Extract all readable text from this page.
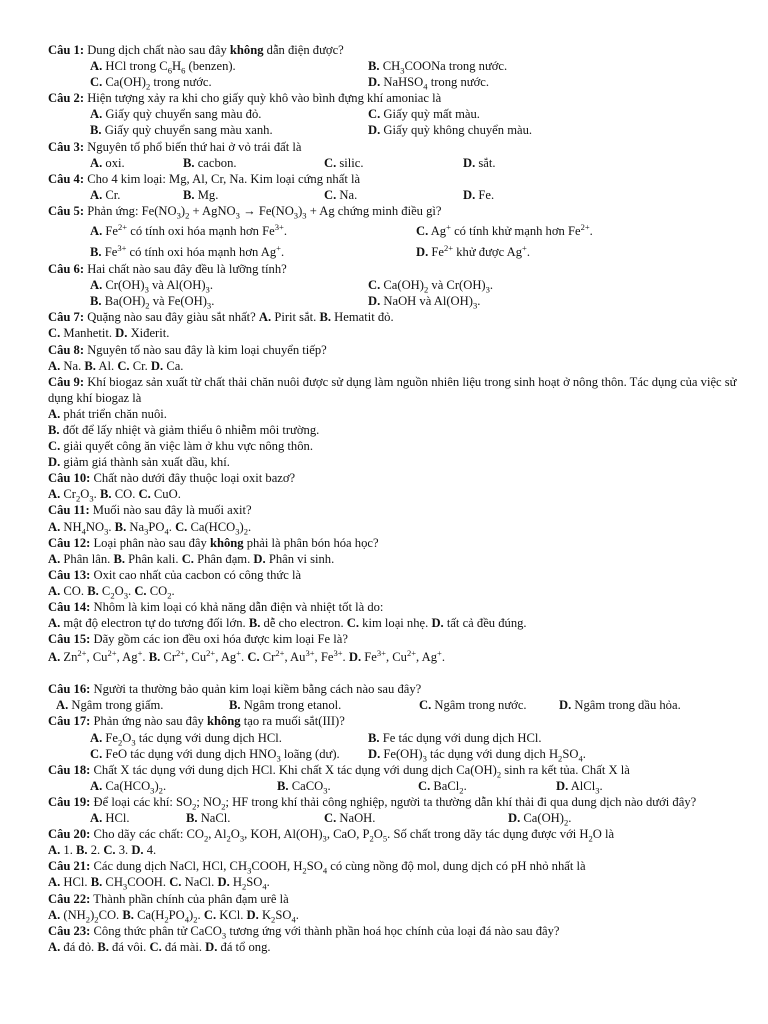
Câu 1: Dung dịch chất nào sau đây không dẫn điện được?
A. HCl trong $C_6H_6$ (benzen).	B. $CH_3COONa$ trong nước.
C. $Ca(OH)_2$ trong nước.	D. NaHSO$_4$ trong nước.
Câu 2: Hiện tượng xảy ra khi cho giấy quỳ khô vào bình đựng khí amoniac là
A. Giấy quỳ chuyển sang màu đỏ.	C. Giấy quỳ mất màu.
B. Giấy quỳ chuyển sang màu xanh.	D. Giấy quỳ không chuyển màu.
Câu 3: Nguyên tố phổ biến thứ hai ở vỏ trái đất là
A. oxi.	B. cacbon.	C. silic.	D. sắt.
Câu 4: Cho 4 kim loại: Mg, Al, Cr, Na. Kim loại cứng nhất là
A. Cr.	B. Mg.	C. Na.	D. Fe.
Câu 5: Phản ứng: $Fe(NO_3)_2$ + AgNO$_3$ → $Fe(NO_3)_3 + Ag$ chứng minh điều gì?
A. $Fe^{2+}$ có tính oxi hóa mạnh hơn $Fe^{3+}$.	C. Ag+ có tính khử mạnh hơn $Fe^{2+}$.
B. $Fe^{3+}$ có tính oxi hóa mạnh hơn Ag+.	D. $Fe^{2+}$ khử được Ag+.
Câu 6: Hai chất nào sau đây đều là lưỡng tính?
A. $Cr(OH)_3$ và $Al(OH)_3$.	C. $Ca(OH)_2$ và $Cr(OH)_3$.
B. $Ba(OH)_2$ và $Fe(OH)_3$.	D. NaOH và $Al(OH)_3$.
Câu 7: Quặng nào sau đây giàu sắt nhất? A. Pirit sắt. B. Hematit đỏ.
C. Manhetit. D. Xiđerit.
Câu 8: Nguyên tố nào sau đây là kim loại chuyển tiếp?
A. Na. B. Al. C. Cr. D. Ca.
Câu 9: Khí biogaz sản xuất từ chất thải chăn nuôi được sử dụng làm nguồn nhiên liệu trong sinh hoạt ở nông thôn. Tác dụng của việc sử dụng khí biogaz là
A. phát triển chăn nuôi.
B. đốt để lấy nhiệt và giảm thiểu ô nhiễm môi trường.
C. giải quyết công ăn việc làm ở khu vực nông thôn.
D. giảm giá thành sản xuất dầu, khí.
Câu 10: Chất nào dưới đây thuộc loại oxit bazơ?
A. $Cr_2O_3$. B. CO. C. CuO.
Câu 11: Muối nào sau đây là muối axit?
A. $NH_4NO_3$. B. $Na_3PO_4$. C. $Ca(HCO_3)_2$.
Câu 12: Loại phân nào sau đây không phải là phân bón hóa học?
A. Phân lân. B. Phân kali. C. Phân đạm. D. Phân vi sinh.
Câu 13: Oxit cao nhất của cacbon có công thức là
A. CO. B. $C_2O_3$. C. $CO_2$.
Câu 14: Nhôm là kim loại có khả năng dẫn điện và nhiệt tốt là do:
A. mật độ electron tự do tương đối lớn. B. dễ cho electron. C. kim loại nhẹ. D. tất cả đều đúng.
Câu 15: Dãy gồm các ion đều oxi hóa được kim loại Fe là?
A. $Zn^{2+}$, $Cu^{2+}$, Ag+. B. $Cr^{2+}$, $Cu^{2+}$, Ag+. C. $Cr^{2+}$, $Au^{3+}$, $Fe^{3+}$. D. $Fe^{3+}$, $Cu^{2+}$, Ag+.
Câu 16: Người ta thường bảo quản kim loại kiềm bằng cách nào sau đây?
A. Ngâm trong giấm.	B. Ngâm trong etanol.	C. Ngâm trong nước.	D. Ngâm trong dầu hỏa.
Câu 17: Phản ứng nào sau đây không tạo ra muối sắt(III)?
A. $Fe_2O_3$ tác dụng với dung dịch HCl.	B. Fe tác dụng với dung dịch HCl.
C. FeO tác dụng với dung dịch $HNO_3$ loãng (dư). D. $Fe(OH)_3$ tác dụng với dung dịch $H_2SO_4$.
Câu 18: Chất X tác dụng với dung dịch HCl. Khi chất X tác dụng với dung dịch $Ca(OH)_2$ sinh ra kết tủa. Chất X là
A. $Ca(HCO_3)_2$.	B. CaCO$_3$.	C. BaCl$_2$.	D. AlCl$_3$.
Câu 19: Để loại các khí: $SO_2$; $NO_2$; HF trong khí thải công nghiệp, người ta thường dẫn khí thải đi qua dung dịch nào dưới đây?
A. HCl.	B. NaCl.	C. NaOH.	D. $Ca(OH)_2$.
Câu 20: Cho dãy các chất: $CO_2$, $Al_2O_3$, KOH, $Al(OH)_3$, CaO, $P_2O_5$. Số chất trong dãy tác dụng được với $H_2O$ là
A. 1. B. 2. C. 3. D. 4.
Câu 21: Các dung dịch NaCl, HCl, $CH_3COOH$, $H_2SO_4$ có cùng nồng độ mol, dung dịch có pH nhỏ nhất là
A. HCl. B. $CH_3COOH$. C. NaCl. D. $H_2SO_4$.
Câu 22: Thành phần chính của phân đạm urê là
A. $(NH_2)_2CO$. B. $Ca(H_2PO_4)_2$. C. KCl. D. $K_2SO_4$.
Câu 23: Công thức phân tử CaCO$_3$ tương ứng với thành phần hoá học chính của loại đá nào sau đây?
A. đá đỏ. B. đá vôi. C. đá mài. D. đá tổ ong.
